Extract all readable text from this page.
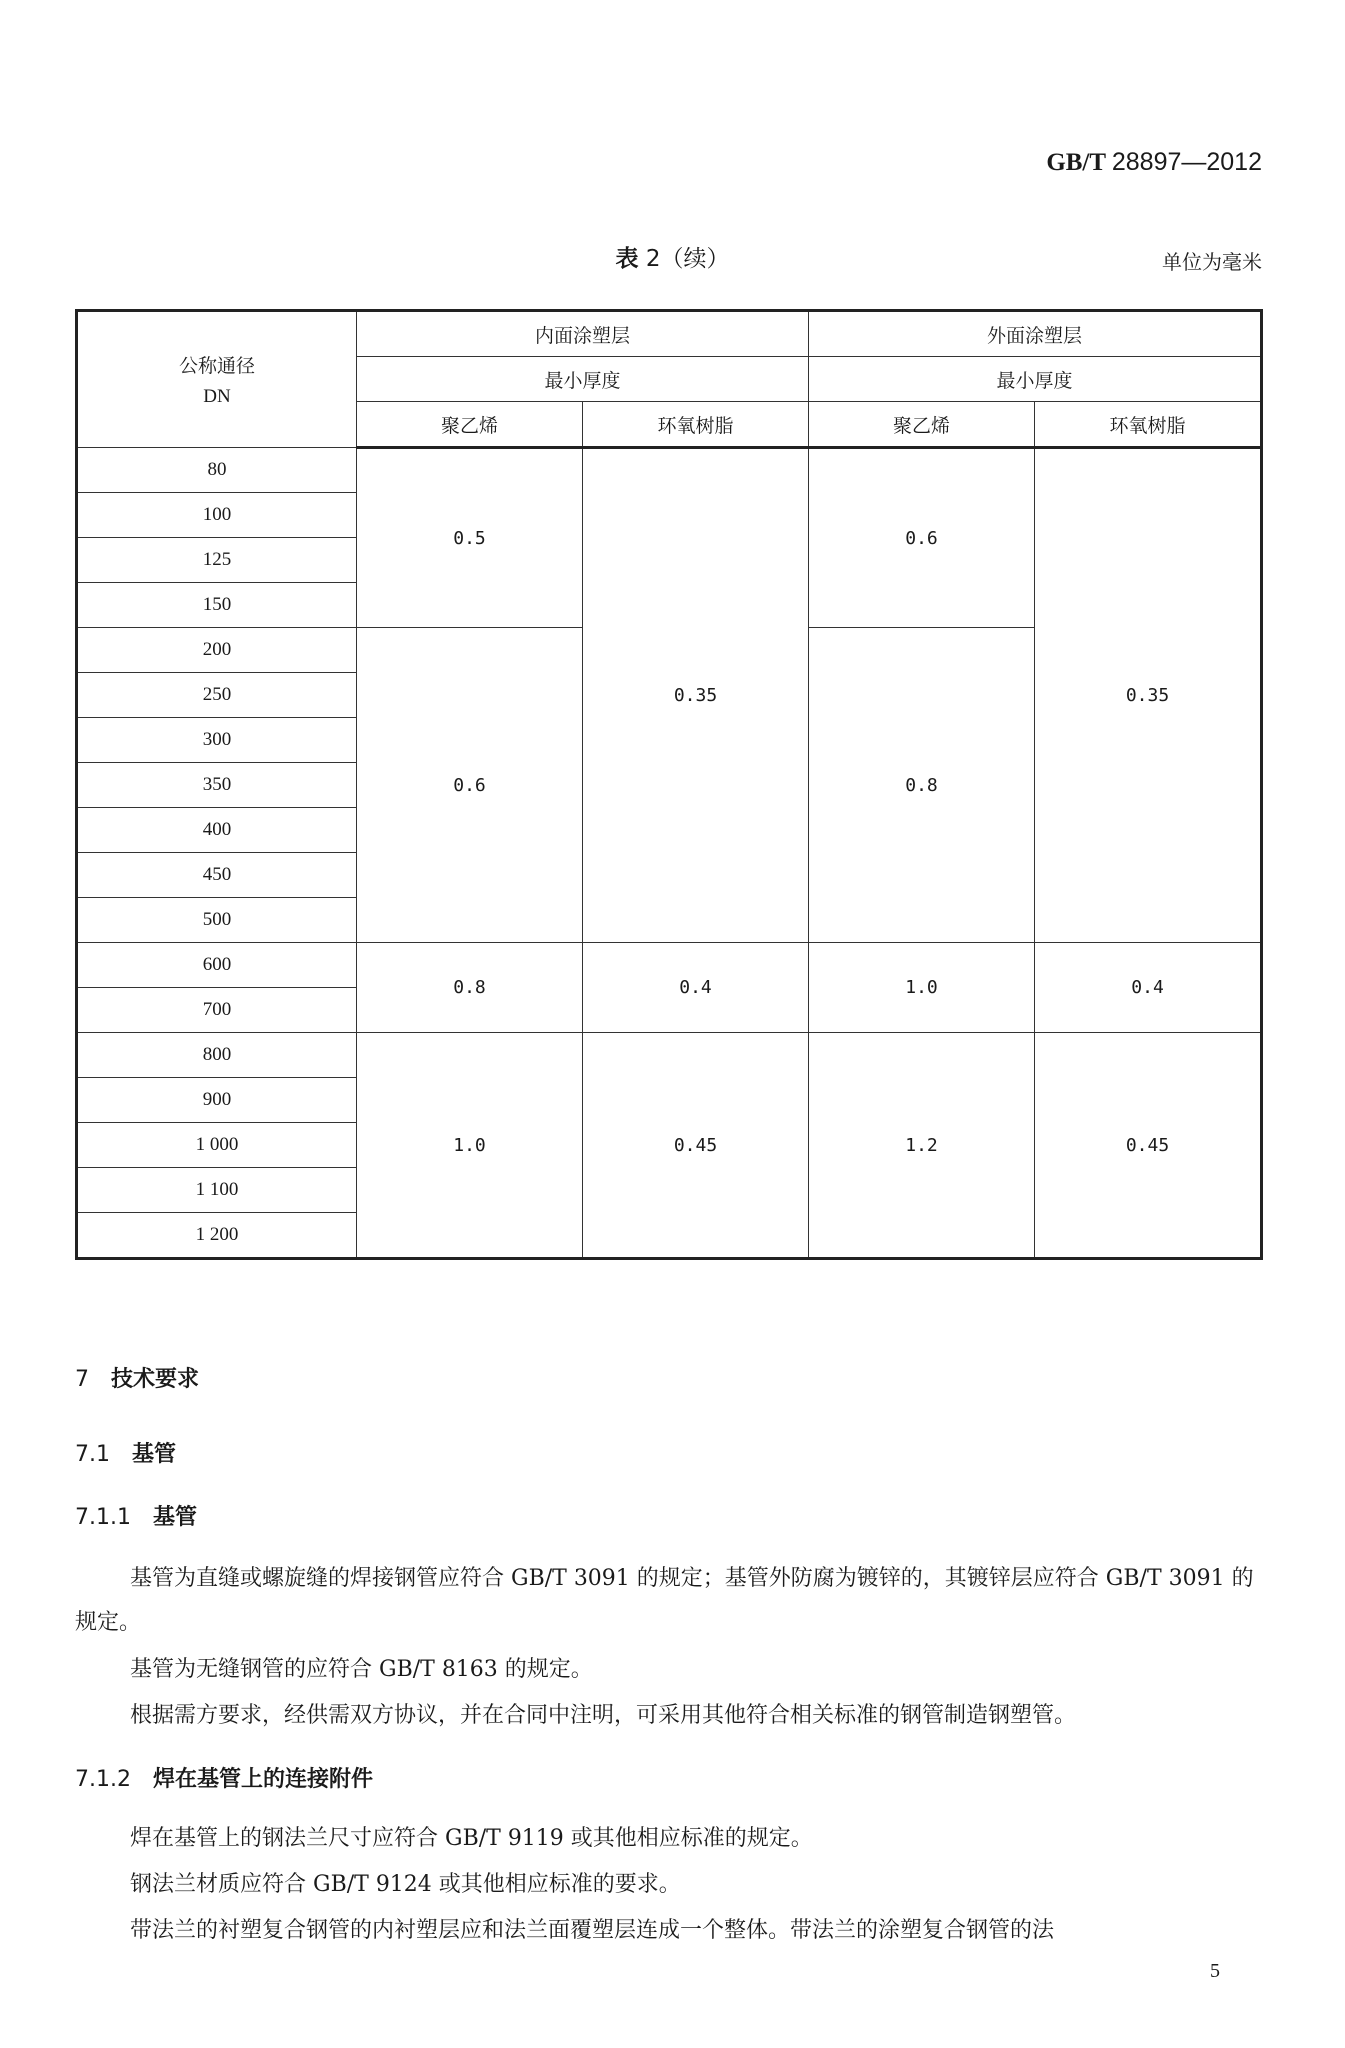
GB/T 28897—2012
表 2（续）	单位为毫米
公称通径
DN	内面涂塑层		外面涂塑层	
	最小厚度		最小厚度	
	聚乙烯	环氧树脂	聚乙烯	环氧树脂
80	0.5	0.35	0.6	0.35
100				
125				
150				
200	0.6		0.8	
250				
300				
350				
400				
450				
500				
600	0.8	0.4	1.0	0.4
700				
800	1.0	0.45	1.2	0.45
900				
1 000				
1 100				
1 200				
7 技术要求
7.1 基管
7.1.1 基管
基管为直缝或螺旋缝的焊接钢管应符合 GB/T 3091 的规定；基管外防腐为镀锌的，其镀锌层应符合 GB/T 3091 的规定。
基管为无缝钢管的应符合 GB/T 8163 的规定。
根据需方要求，经供需双方协议，并在合同中注明，可采用其他符合相关标准的钢管制造钢塑管。
7.1.2 焊在基管上的连接附件
焊在基管上的钢法兰尺寸应符合 GB/T 9119 或其他相应标准的规定。
钢法兰材质应符合 GB/T 9124 或其他相应标准的要求。
带法兰的衬塑复合钢管的内衬塑层应和法兰面覆塑层连成一个整体。带法兰的涂塑复合钢管的法
5
